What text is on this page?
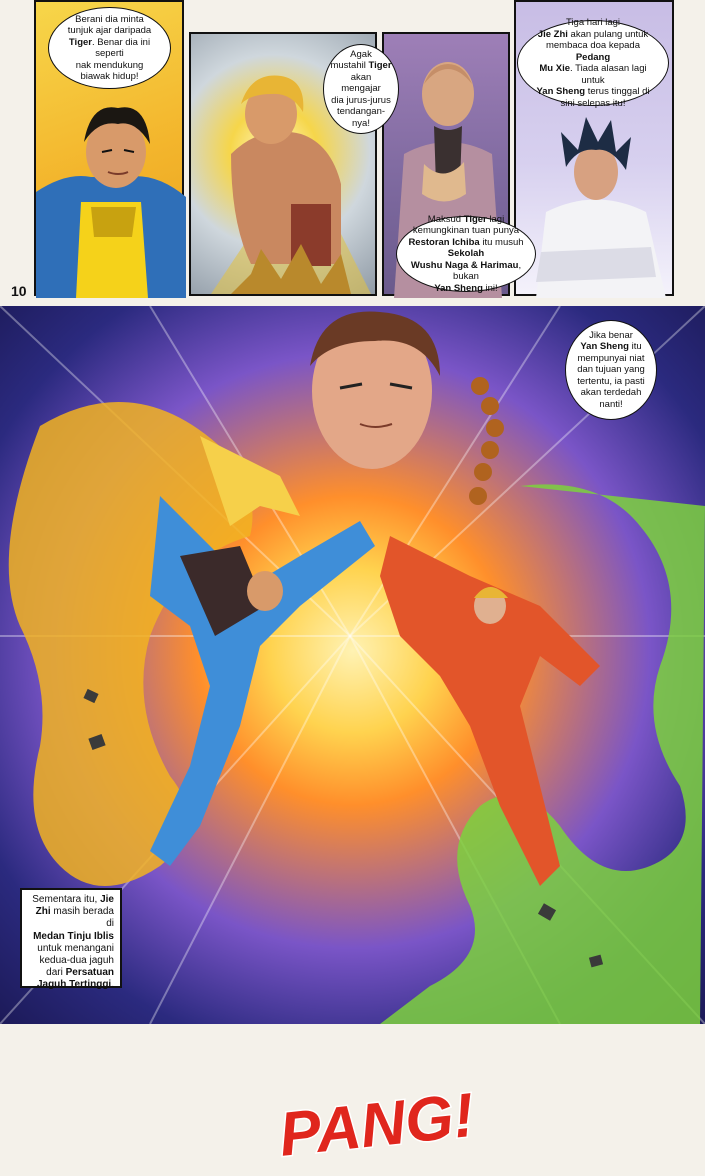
10
PANG!
Berani dia minta
tunjuk ajar daripada
Tiger. Benar dia ini seperti
nak mendukung
biawak hidup!
Agak
mustahil Tiger
akan mengajar
dia jurus-jurus
tendangan-
nya!
Maksud Tiger lagi
kemungkinan tuan punya
Restoran Ichiba itu musuh Sekolah
Wushu Naga & Harimau, bukan
Yan Sheng ini!
Tiga hari lagi
Jie Zhi akan pulang untuk
membaca doa kepada Pedang
Mu Xie. Tiada alasan lagi untuk
Yan Sheng terus tinggal di
sini selepas itu!
Jika benar
Yan Sheng itu
mempunyai niat
dan tujuan yang
tertentu, ia pasti
akan terdedah
nanti!
Sementara itu, Jie
Zhi masih berada di
Medan Tinju Iblis
untuk menangani
kedua-dua jaguh
dari Persatuan
Jaguh Tertinggi.
